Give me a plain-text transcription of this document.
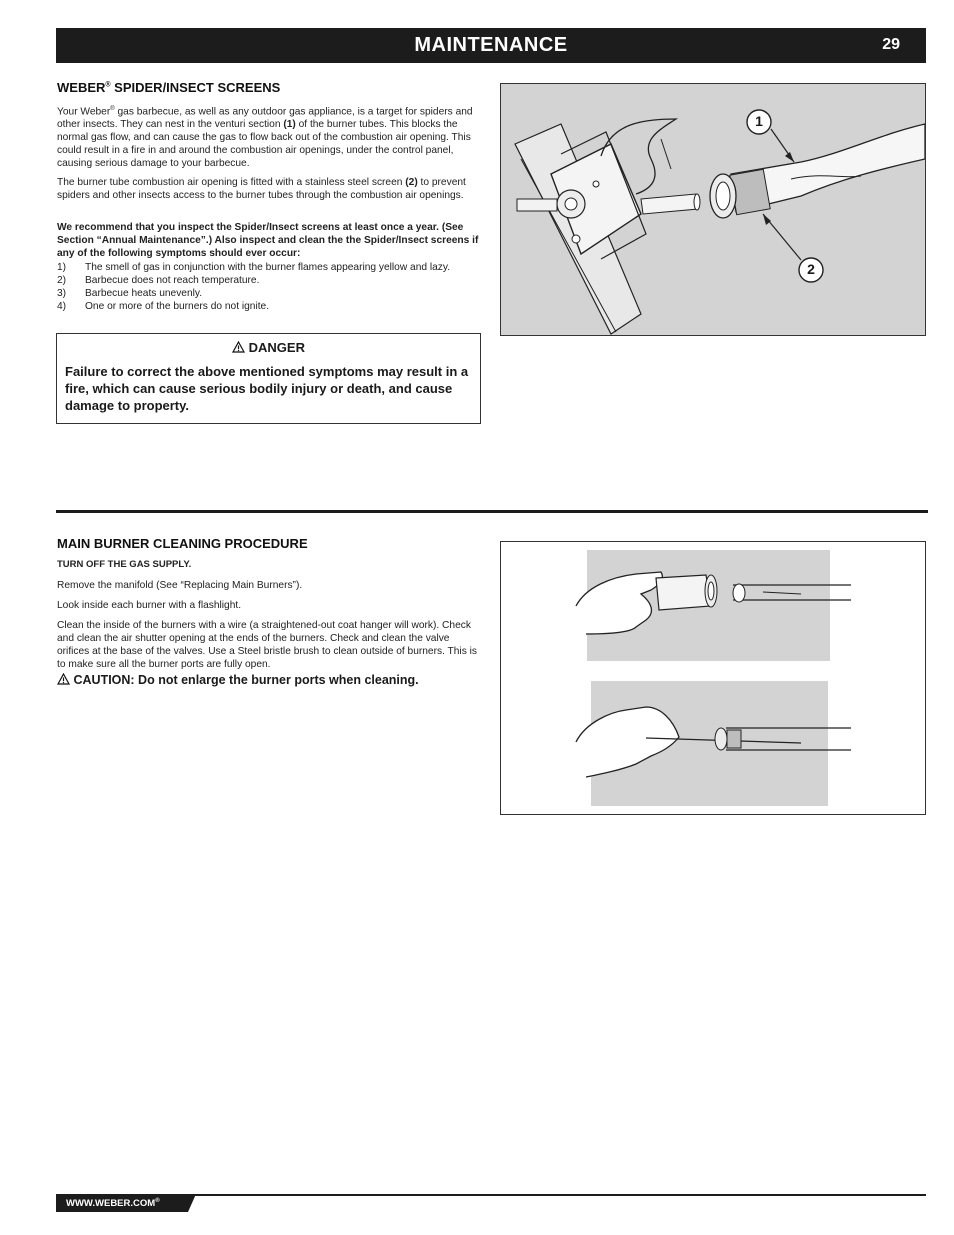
MAINTENANCE	29
WEBER® SPIDER/INSECT SCREENS

Your Weber® gas barbecue, as well as any outdoor gas appliance, is a target for spiders and other insects. They can nest in the venturi section (1) of the burner tubes. This blocks the normal gas flow, and can cause the gas to flow back out of the combustion air opening. This could result in a fire in and around the combustion air openings, under the control panel, causing serious damage to your barbecue.

The burner tube combustion air opening is fitted with a stainless steel screen (2) to prevent spiders and other insects access to the burner tubes through the combustion air openings.

We recommend that you inspect the Spider/Insect screens at least once a year. (See Section “Annual Maintenance”.) Also inspect and clean the the Spider/Insect screens if any of the following symptoms should ever occur:

1)	The smell of gas in conjunction with the burner flames appearing yellow and lazy.
2)	Barbecue does not reach temperature.
3)	Barbecue heats unevenly.
4)	One or more of the burners do not ignite.
DANGER
Failure to correct the above mentioned symptoms may result in a fire, which can cause serious bodily injury or death, and cause damage to property.
1
2
MAIN BURNER CLEANING PROCEDURE

TURN OFF THE GAS SUPPLY.

Remove the manifold (See “Replacing Main Burners”).

Look inside each burner with a flashlight.

Clean the inside of the burners with a wire (a straightened-out coat hanger will work). Check and clean the air shutter opening at the ends of the burners. Check and clean the valve orifices at the base of the valves. Use a Steel bristle brush to clean outside of burners. This is to make sure all the burner ports are fully open.

CAUTION: Do not enlarge the burner ports when cleaning.
WWW.WEBER.COM®
